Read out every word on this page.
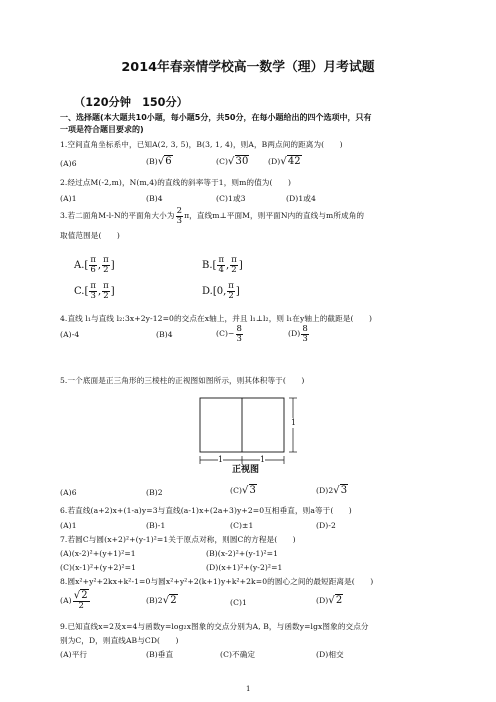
2014年春亲情学校高一数学（理）月考试题
（120分钟　150分）
一、选择题(本大题共10小题，每小题5分，共50分，在每小题给出的四个选项中，只有
一项是符合题目要求的)
1.空间直角坐标系中，已知A(2, 3, 5)，B(3, 1, 4)，则A，B两点间的距离为(　　)
(A)6	(B)√6	(C)√30	(D)√42
2.经过点M(-2,m)，N(m,4)的直线的斜率等于1，则m的值为(　　)
(A)1	(B)4	(C)1或3	(D)1或4
3.若二面角M-l-N的平面角大小为 $\frac{2}{3}$ π，直线m⊥平面M，则平面N内的直线与m所成角的
取值范围是(　　)
$A.[ \frac{\pi}{6}$ , $\frac{\pi}{2}$ ]	$B.[ \frac{\pi}{4}$ , $\frac{\pi}{2}$ ]
$C.[ \frac{\pi}{3}$ , $\frac{\pi}{2}$ ]	D.[0, $\frac{\pi}{2}$ ]
4.直线 l₁与直线 l₂:3x+2y-12=0的交点在x轴上，并且 l₁⊥l₂，则 l₁在y轴上的截距是(　　)
(A)-4	(B)4	$(C)- \frac{8}{3}$	$(D) \frac{8}{3}$
5.一个底面是正三角形的三棱柱的正视图如图所示，则其体积等于(　　)
1
1	1
正视图
(A)6	(B)2	(C)√3	(D)2√3
6.若直线(a+2)x+(1-a)y=3与直线(a-1)x+(2a+3)y+2=0互相垂直，则a等于(　　)
(A)1	(B)-1	(C)±1	(D)-2
7.若圆C与圆(x+2)²+(y-1)²=1关于原点对称，则圆C的方程是(　　)
(A)(x-2)²+(y+1)²=1	(B)(x-2)²+(y-1)²=1
(C)(x-1)²+(y+2)²=1	(D)(x+1)²+(y-2)²=1
8.圆x²+y²+2kx+k²-1=0与圆x²+y²+2(k+1)y+k²+2k=0的圆心之间的最短距离是(　　)
$(A) \frac{√2}{2}$	(B)2√2	(C)1	(D)√2
9.已知直线x=2及x=4与函数y=log₂x图象的交点分别为A, B，与函数y=lgx图象的交点分
别为C，D，则直线AB与CD(　　)
(A)平行	(B)垂直	(C)不确定	(D)相交
1
